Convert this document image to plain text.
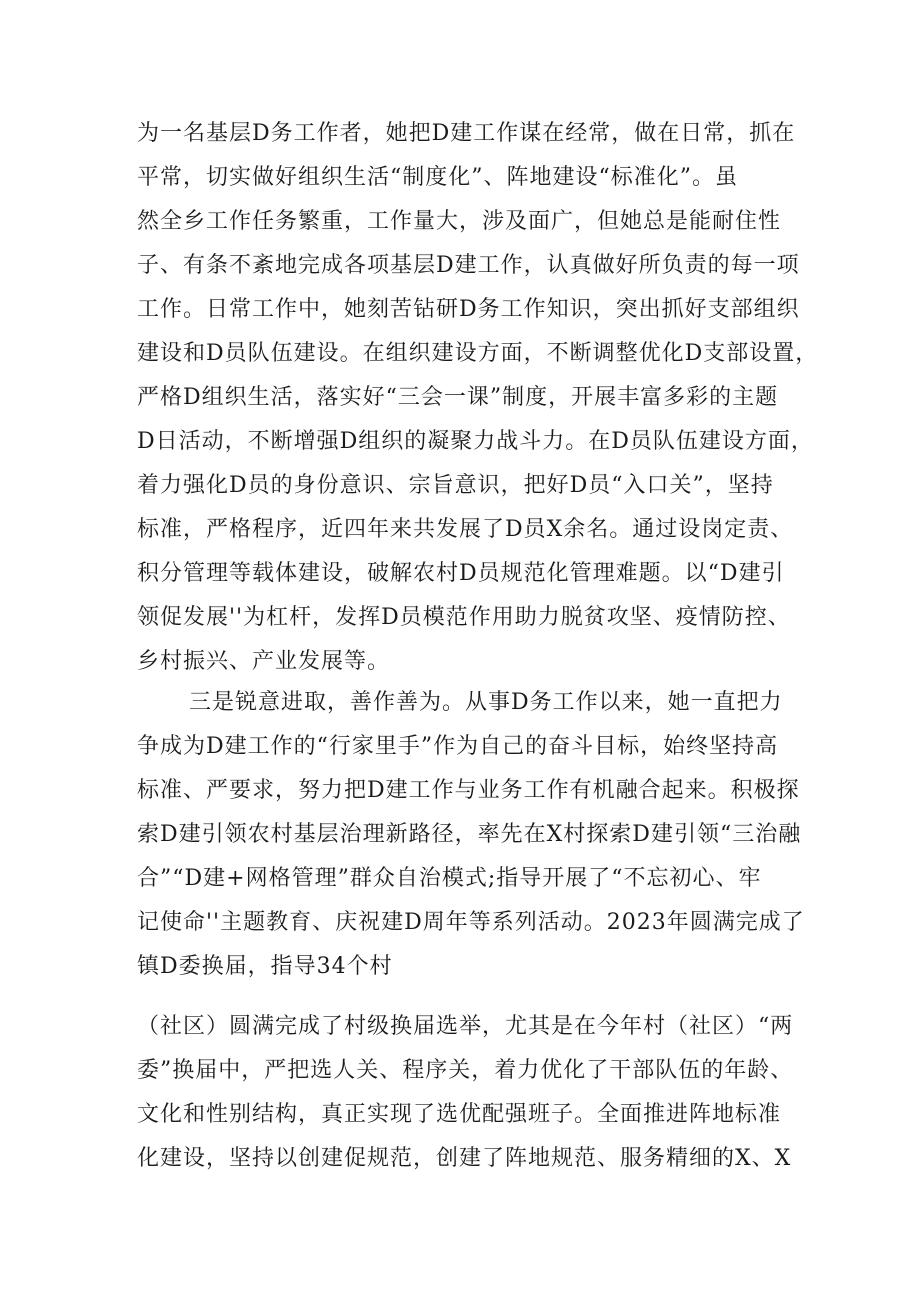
为一名基层D务工作者，她把D建工作谋在经常，做在日常，抓在
平常，切实做好组织生活“制度化”、阵地建设“标准化”。虽
然全乡工作任务繁重，工作量大，涉及面广，但她总是能耐住性
子、有条不紊地完成各项基层D建工作，认真做好所负责的每一项
工作。日常工作中，她刻苦钻研D务工作知识，突出抓好支部组织
建设和D员队伍建设。在组织建设方面，不断调整优化D支部设置，
严格D组织生活，落实好“三会一课”制度，开展丰富多彩的主题
D日活动，不断增强D组织的凝聚力战斗力。在D员队伍建设方面，
着力强化D员的身份意识、宗旨意识，把好D员“入口关”，坚持
标准，严格程序，近四年来共发展了D员X余名。通过设岗定责、
积分管理等载体建设，破解农村D员规范化管理难题。以“D建引
领促发展''为杠杆，发挥D员模范作用助力脱贫攻坚、疫情防控、
乡村振兴、产业发展等。
三是锐意进取，善作善为。从事D务工作以来，她一直把力
争成为D建工作的“行家里手”作为自己的奋斗目标，始终坚持高
标准、严要求，努力把D建工作与业务工作有机融合起来。积极探
索D建引领农村基层治理新路径，率先在X村探索D建引领“三治融
合”“D建+网格管理”群众自治模式;指导开展了“不忘初心、牢
记使命''主题教育、庆祝建D周年等系列活动。2023年圆满完成了
镇D委换届，指导34个村
（社区）圆满完成了村级换届选举，尤其是在今年村（社区）“两
委”换届中，严把选人关、程序关，着力优化了干部队伍的年龄、
文化和性别结构，真正实现了选优配强班子。全面推进阵地标准
化建设，坚持以创建促规范，创建了阵地规范、服务精细的X、X
